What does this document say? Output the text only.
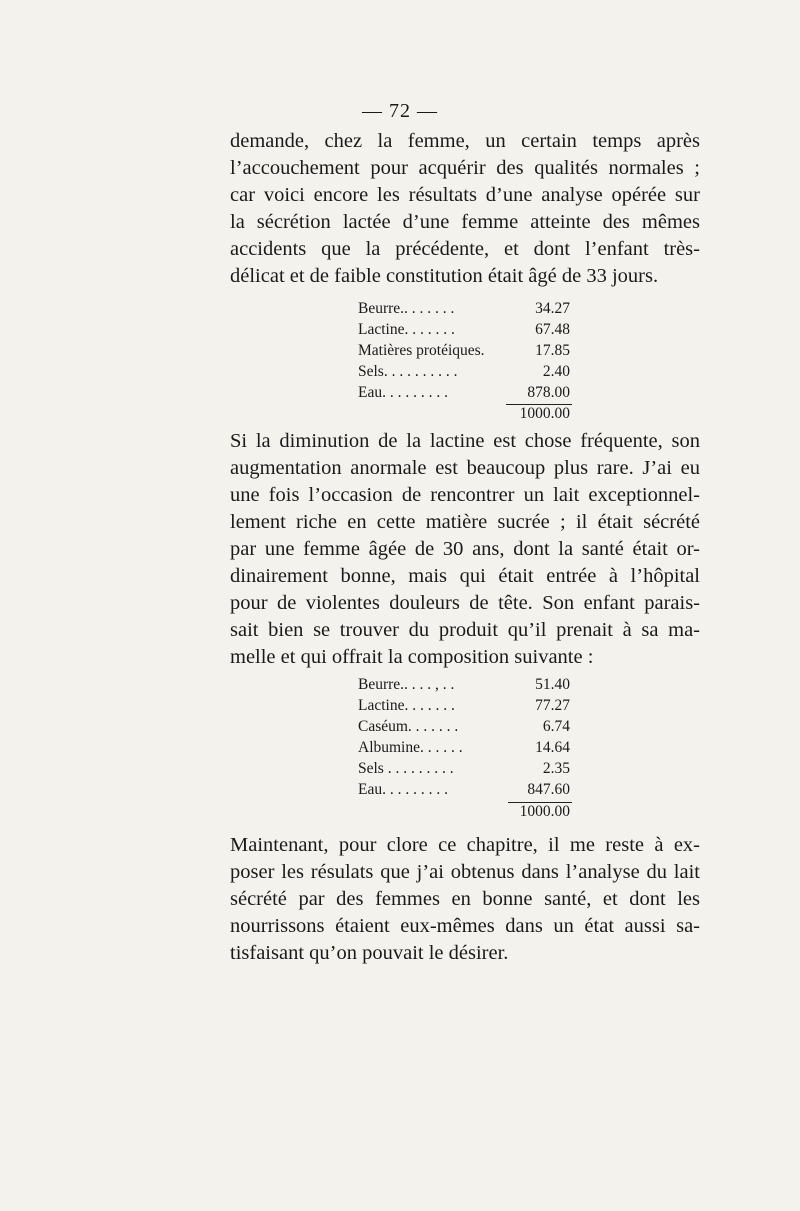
— 72 —

demande, chez la femme, un certain temps après
l’accouchement pour acquérir des qualités normales ;
car voici encore les résultats d’une analyse opérée sur
la sécrétion lactée d’une femme atteinte des mêmes
accidents que la précédente, et dont l’enfant très-
délicat et de faible constitution était âgé de 33 jours.

Beurre.. . . . . . .	34.27
Lactine. . . . . . .	67.48
Matières protéiques.	17.85
Sels. . . . . . . . . .	2.40
Eau. . . . . . . . .	878.00
1000.00

Si la diminution de la lactine est chose fréquente, son
augmentation anormale est beaucoup plus rare. J’ai eu
une fois l’occasion de rencontrer un lait exceptionnel-
lement riche en cette matière sucrée ; il était sécrété
par une femme âgée de 30 ans, dont la santé était or-
dinairement bonne, mais qui était entrée à l’hôpital
pour de violentes douleurs de tête. Son enfant parais-
sait bien se trouver du produit qu’il prenait à sa ma-
melle et qui offrait la composition suivante :

Beurre.. . . . , . .	51.40
Lactine. . . . . . .	77.27
Caséum. . . . . . .	6.74
Albumine. . . . . .	14.64
Sels . . . . . . . . .	2.35
Eau. . . . . . . . .	847.60
1000.00

Maintenant, pour clore ce chapitre, il me reste à ex-
poser les résulats que j’ai obtenus dans l’analyse du lait
sécrété par des femmes en bonne santé, et dont les
nourrissons étaient eux-mêmes dans un état aussi sa-
tisfaisant qu’on pouvait le désirer.
